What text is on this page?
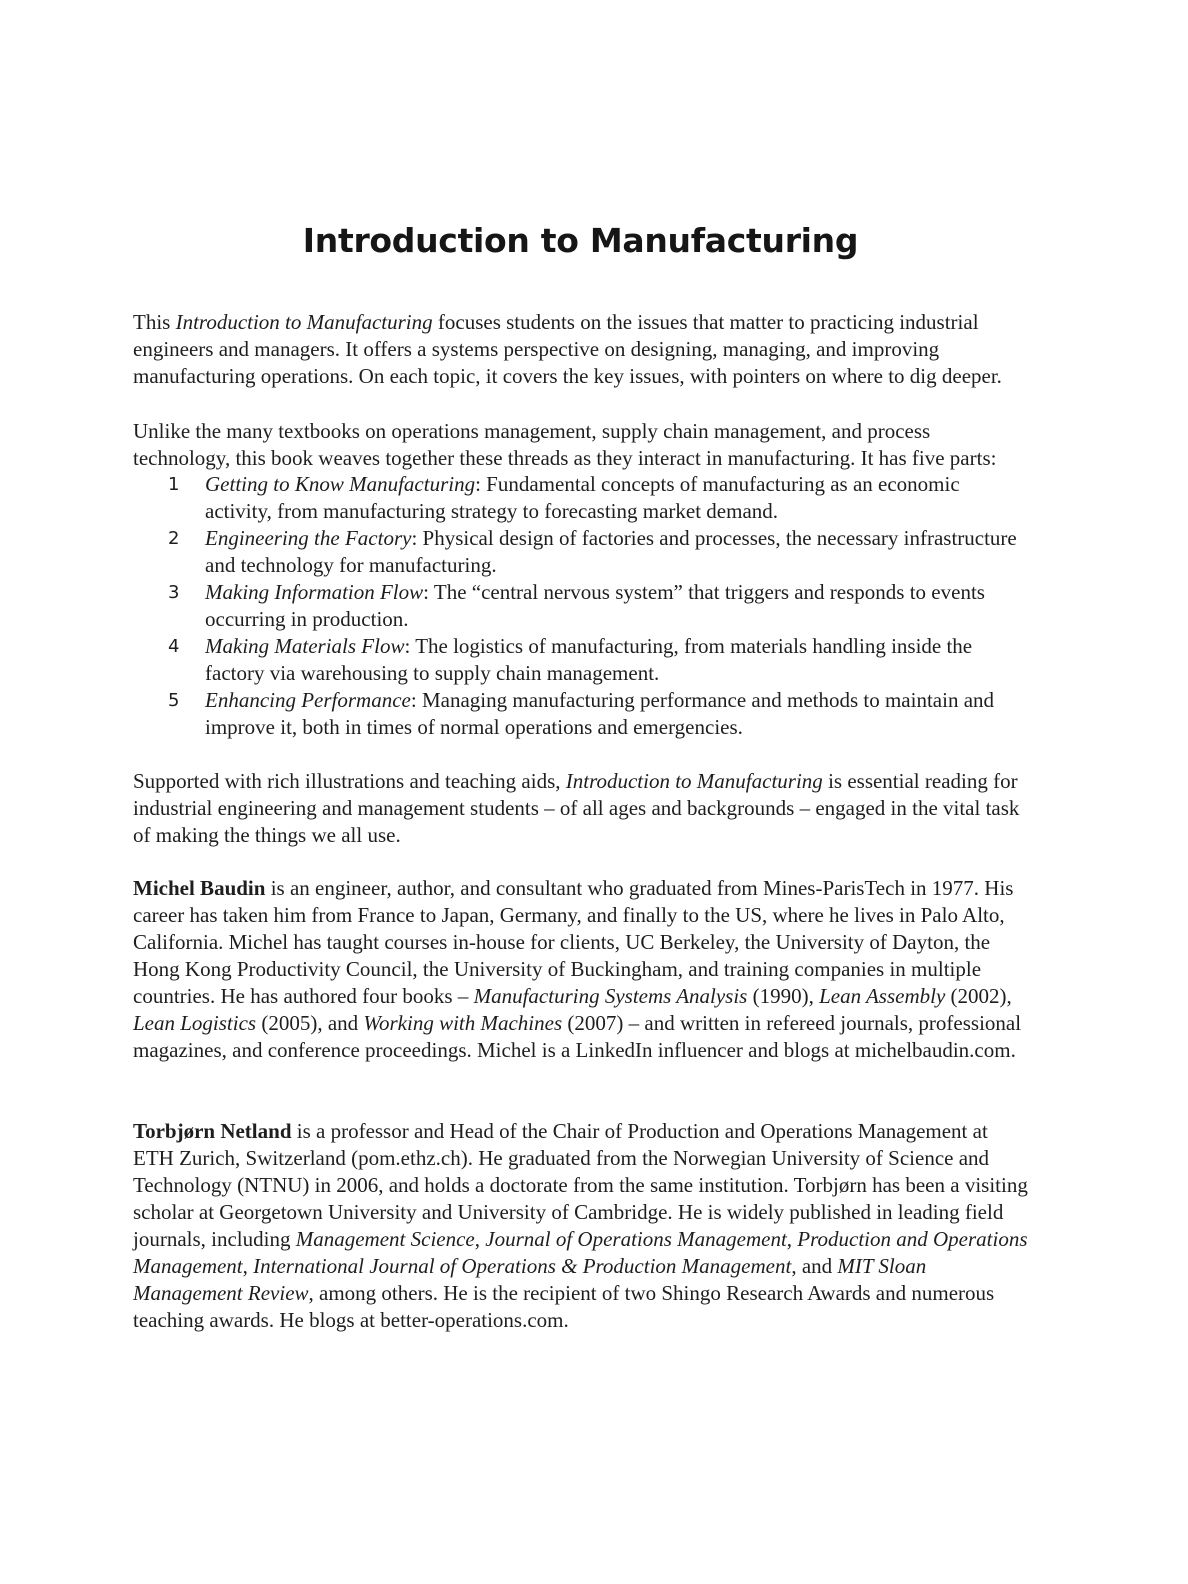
Introduction to Manufacturing

This Introduction to Manufacturing focuses students on the issues that matter to practicing industrial engineers and managers. It offers a systems perspective on designing, managing, and improving manufacturing operations. On each topic, it covers the key issues, with pointers on where to dig deeper.

Unlike the many textbooks on operations management, supply chain management, and process technology, this book weaves together these threads as they interact in manufacturing. It has five parts:

1 Getting to Know Manufacturing: Fundamental concepts of manufacturing as an economic activity, from manufacturing strategy to forecasting market demand.
2 Engineering the Factory: Physical design of factories and processes, the necessary infrastructure and technology for manufacturing.
3 Making Information Flow: The “central nervous system” that triggers and responds to events occurring in production.
4 Making Materials Flow: The logistics of manufacturing, from materials handling inside the factory via warehousing to supply chain management.
5 Enhancing Performance: Managing manufacturing performance and methods to maintain and improve it, both in times of normal operations and emergencies.

Supported with rich illustrations and teaching aids, Introduction to Manufacturing is essential reading for industrial engineering and management students – of all ages and backgrounds – engaged in the vital task of making the things we all use.

Michel Baudin is an engineer, author, and consultant who graduated from Mines-ParisTech in 1977. His career has taken him from France to Japan, Germany, and finally to the US, where he lives in Palo Alto, California. Michel has taught courses in-house for clients, UC Berkeley, the University of Dayton, the Hong Kong Productivity Council, the University of Buckingham, and training companies in multiple countries. He has authored four books – Manufacturing Systems Analysis (1990), Lean Assembly (2002), Lean Logistics (2005), and Working with Machines (2007) – and written in refereed journals, professional magazines, and conference proceedings. Michel is a LinkedIn influencer and blogs at michelbaudin.com.

Torbjørn Netland is a professor and Head of the Chair of Production and Operations Management at ETH Zurich, Switzerland (pom.ethz.ch). He graduated from the Norwegian University of Science and Technology (NTNU) in 2006, and holds a doctorate from the same institution. Torbjørn has been a visiting scholar at Georgetown University and University of Cambridge. He is widely published in leading field journals, including Management Science, Journal of Operations Management, Production and Operations Management, International Journal of Operations & Production Management, and MIT Sloan Management Review, among others. He is the recipient of two Shingo Research Awards and numerous teaching awards. He blogs at better-operations.com.
